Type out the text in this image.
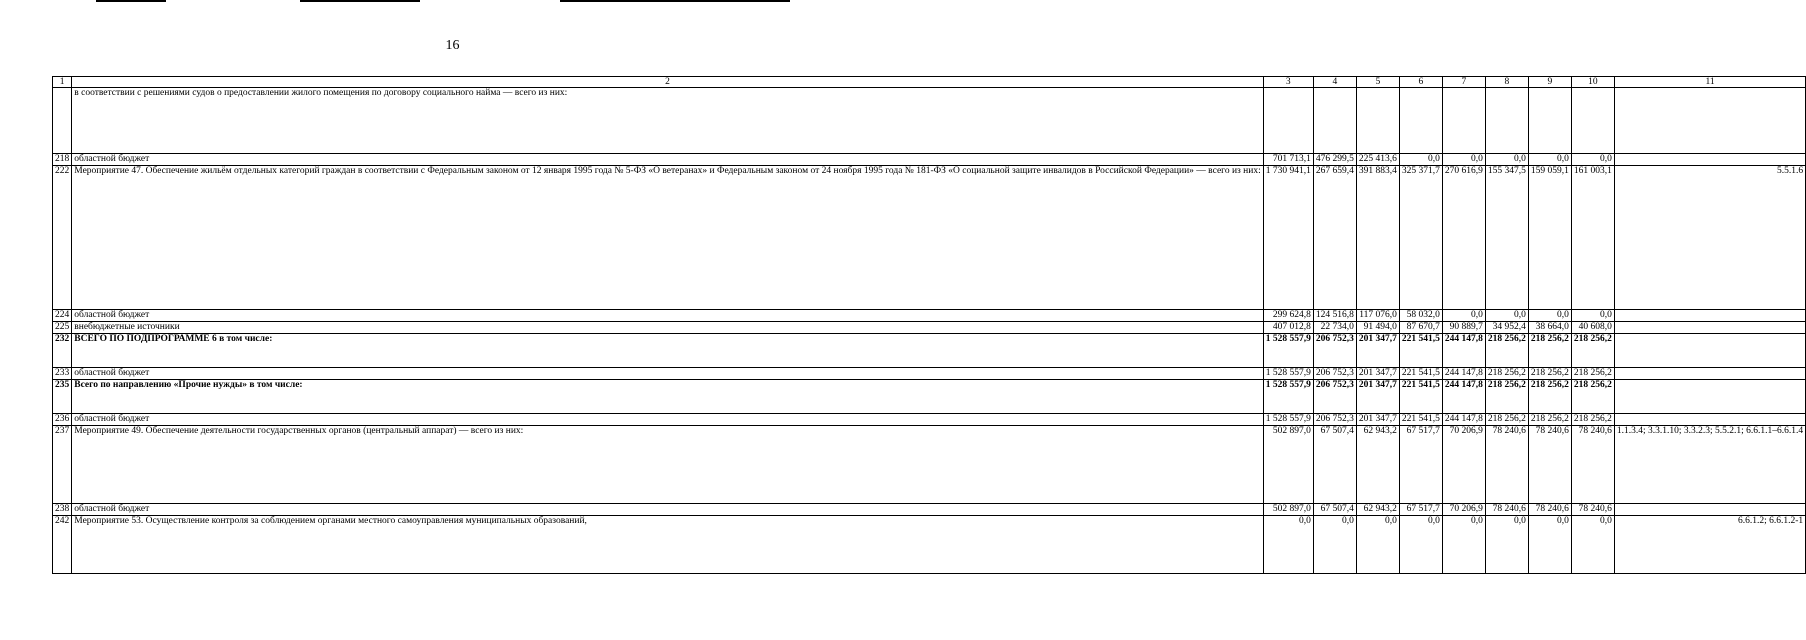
16
1	2	3	4	5	6	7	8	9	10	11
	в соответствии с решениями судов о предоставлении жилого помещения по договору социального найма — всего из них:									
218	областной бюджет	701 713,1	476 299,5	225 413,6	0,0	0,0	0,0	0,0	0,0	
222	Мероприятие 47. Обеспечение жильём отдельных категорий граждан в соответствии с Федеральным законом от 12 января 1995 года № 5-ФЗ «О ветеранах» и Федеральным законом от 24 ноября 1995 года № 181-ФЗ «О социальной защите инвалидов в Российской Федерации» — всего из них:	1 730 941,1	267 659,4	391 883,4	325 371,7	270 616,9	155 347,5	159 059,1	161 003,1	5.5.1.6
224	областной бюджет	299 624,8	124 516,8	117 076,0	58 032,0	0,0	0,0	0,0	0,0	
225	внебюджетные источники	407 012,8	22 734,0	91 494,0	87 670,7	90 889,7	34 952,4	38 664,0	40 608,0	
232	ВСЕГО ПО ПОДПРОГРАММЕ 6 в том числе:	1 528 557,9	206 752,3	201 347,7	221 541,5	244 147,8	218 256,2	218 256,2	218 256,2	
233	областной бюджет	1 528 557,9	206 752,3	201 347,7	221 541,5	244 147,8	218 256,2	218 256,2	218 256,2	
235	Всего по направлению «Прочие нужды» в том числе:	1 528 557,9	206 752,3	201 347,7	221 541,5	244 147,8	218 256,2	218 256,2	218 256,2	
236	областной бюджет	1 528 557,9	206 752,3	201 347,7	221 541,5	244 147,8	218 256,2	218 256,2	218 256,2	
237	Мероприятие 49. Обеспечение деятельности государственных органов (центральный аппарат) — всего из них:	502 897,0	67 507,4	62 943,2	67 517,7	70 206,9	78 240,6	78 240,6	78 240,6	1.1.3.4; 3.3.1.10; 3.3.2.3; 5.5.2.1; 6.6.1.1–6.6.1.4
238	областной бюджет	502 897,0	67 507,4	62 943,2	67 517,7	70 206,9	78 240,6	78 240,6	78 240,6	
242	Мероприятие 53. Осуществление контроля за соблюдением органами местного самоуправления муниципальных образований,	0,0	0,0	0,0	0,0	0,0	0,0	0,0	0,0	6.6.1.2; 6.6.1.2-1
